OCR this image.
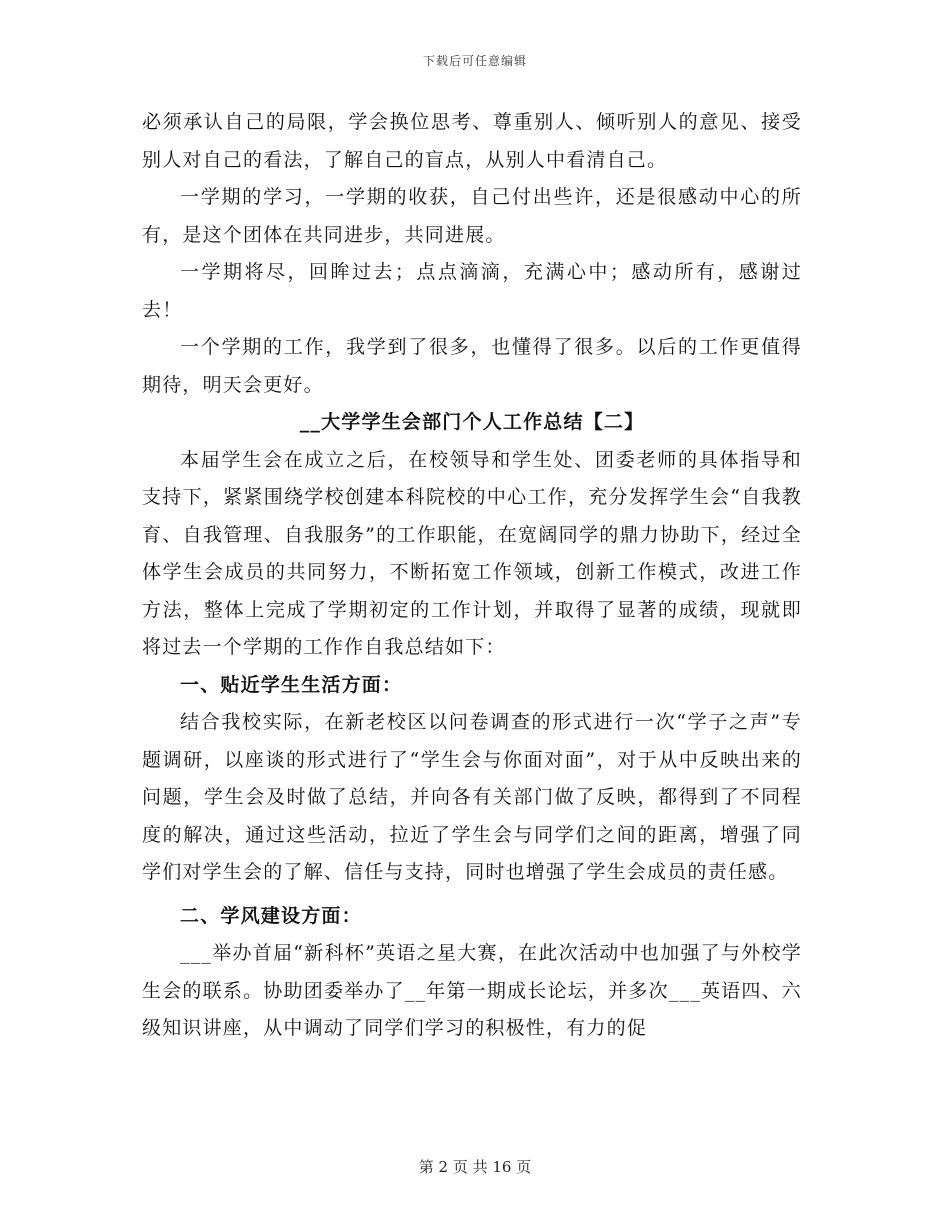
下载后可任意编辑

必须承认自己的局限，学会换位思考、尊重别人、倾听别人的意见、接受别人对自己的看法，了解自己的盲点，从别人中看清自己。

一学期的学习，一学期的收获，自己付出些许，还是很感动中心的所有，是这个团体在共同进步，共同进展。

一学期将尽，回眸过去；点点滴滴，充满心中；感动所有，感谢过去！

一个学期的工作，我学到了很多，也懂得了很多。以后的工作更值得期待，明天会更好。

__大学学生会部门个人工作总结【二】

本届学生会在成立之后，在校领导和学生处、团委老师的具体指导和支持下，紧紧围绕学校创建本科院校的中心工作，充分发挥学生会“自我教育、自我管理、自我服务”的工作职能，在宽阔同学的鼎力协助下，经过全体学生会成员的共同努力，不断拓宽工作领域，创新工作模式，改进工作方法，整体上完成了学期初定的工作计划，并取得了显著的成绩，现就即将过去一个学期的工作作自我总结如下：

一、贴近学生生活方面：

结合我校实际，在新老校区以问卷调查的形式进行一次“学子之声”专题调研，以座谈的形式进行了“学生会与你面对面”，对于从中反映出来的问题，学生会及时做了总结，并向各有关部门做了反映，都得到了不同程度的解决，通过这些活动，拉近了学生会与同学们之间的距离，增强了同学们对学生会的了解、信任与支持，同时也增强了学生会成员的责任感。

二、学风建设方面：

___举办首届“新科杯”英语之星大赛，在此次活动中也加强了与外校学生会的联系。协助团委举办了__年第一期成长论坛，并多次___英语四、六级知识讲座，从中调动了同学们学习的积极性，有力的促

第 2 页 共 16 页
